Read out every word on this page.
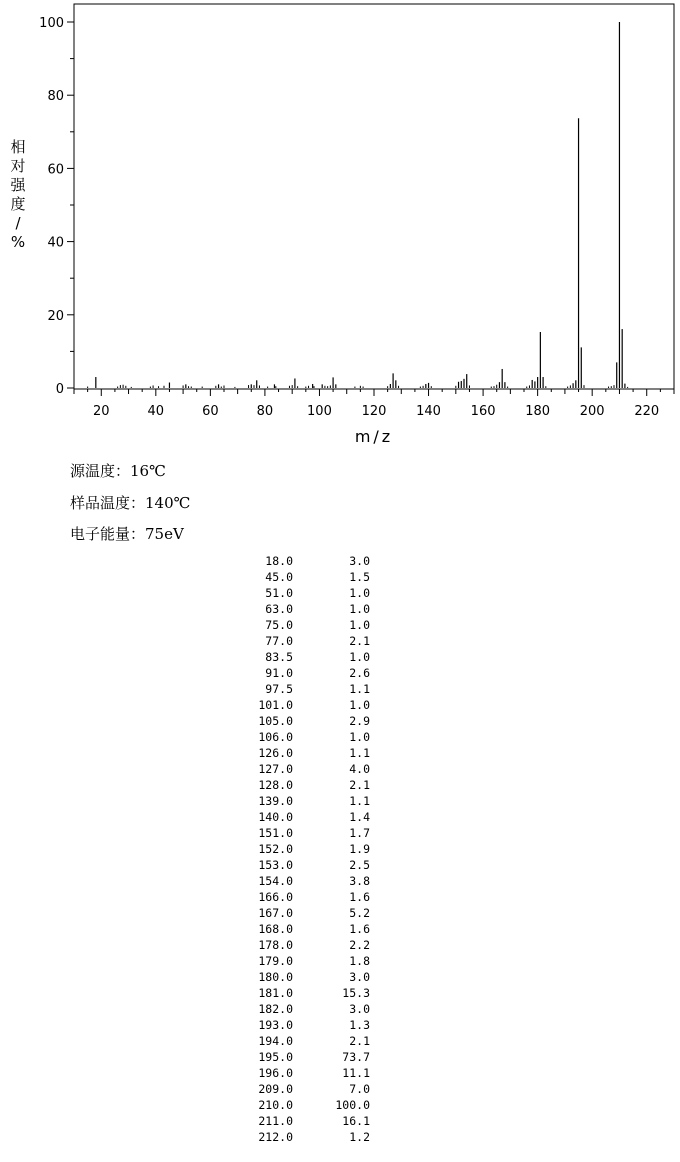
0
20
40
60
80
100
20	40	60	80	100 120 140 160 180 200 220
相对强度/ %
m/z
源温度：16℃
样品温度：140℃
电子能量：75eV
18.0	3.0
45.0	1.5
51.0	1.0
63.0	1.0
75.0	1.0
77.0	2.1
83.5	1.0
91.0	2.6
97.5	1.1
101.0	1.0
105.0	2.9
106.0	1.0
126.0	1.1
127.0	4.0
128.0	2.1
139.0	1.1
140.0	1.4
151.0	1.7
152.0	1.9
153.0	2.5
154.0	3.8
166.0	1.6
167.0	5.2
168.0	1.6
178.0	2.2
179.0	1.8
180.0	3.0
181.0	15.3
182.0	3.0
193.0	1.3
194.0	2.1
195.0	73.7
196.0	11.1
209.0	7.0
210.0	100.0
211.0	16.1
212.0	1.2
